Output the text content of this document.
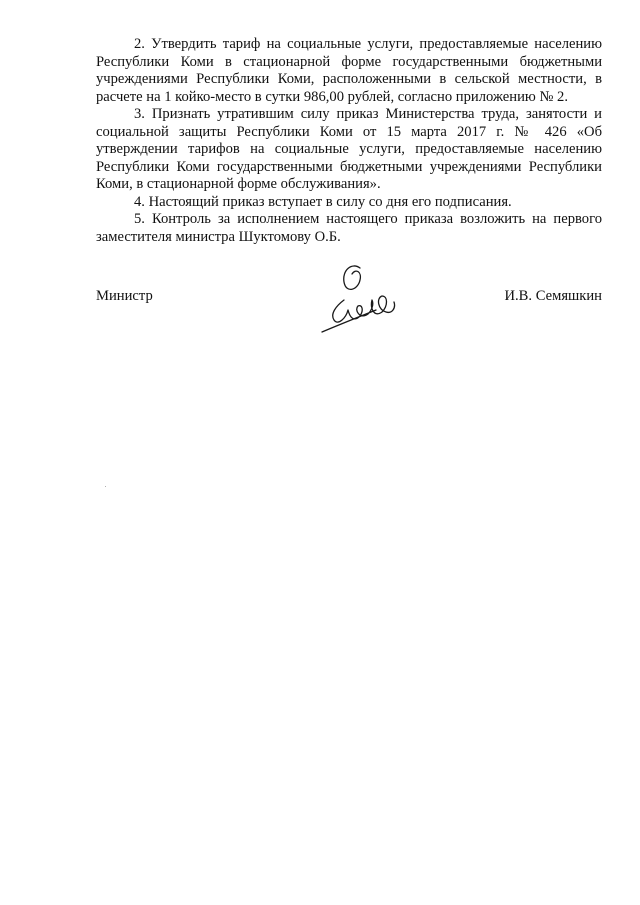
2. Утвердить тариф на социальные услуги, предоставляемые населению Республики Коми в стационарной форме государственными бюджетными учреждениями Республики Коми, расположенными в сельской местности, в расчете на 1 койко-место в сутки 986,00 рублей, согласно приложению № 2.

3. Признать утратившим силу приказ Министерства труда, занятости и социальной защиты Республики Коми от 15 марта 2017 г. № 426 «Об утверждении тарифов на социальные услуги, предоставляемые населению Республики Коми государственными бюджетными учреждениями Республики Коми, в стационарной форме обслуживания».

4. Настоящий приказ вступает в силу со дня его подписания.

5. Контроль за исполнением настоящего приказа возложить на первого заместителя министра Шуктомову О.Б.

Министр	И.В. Семяшкин
